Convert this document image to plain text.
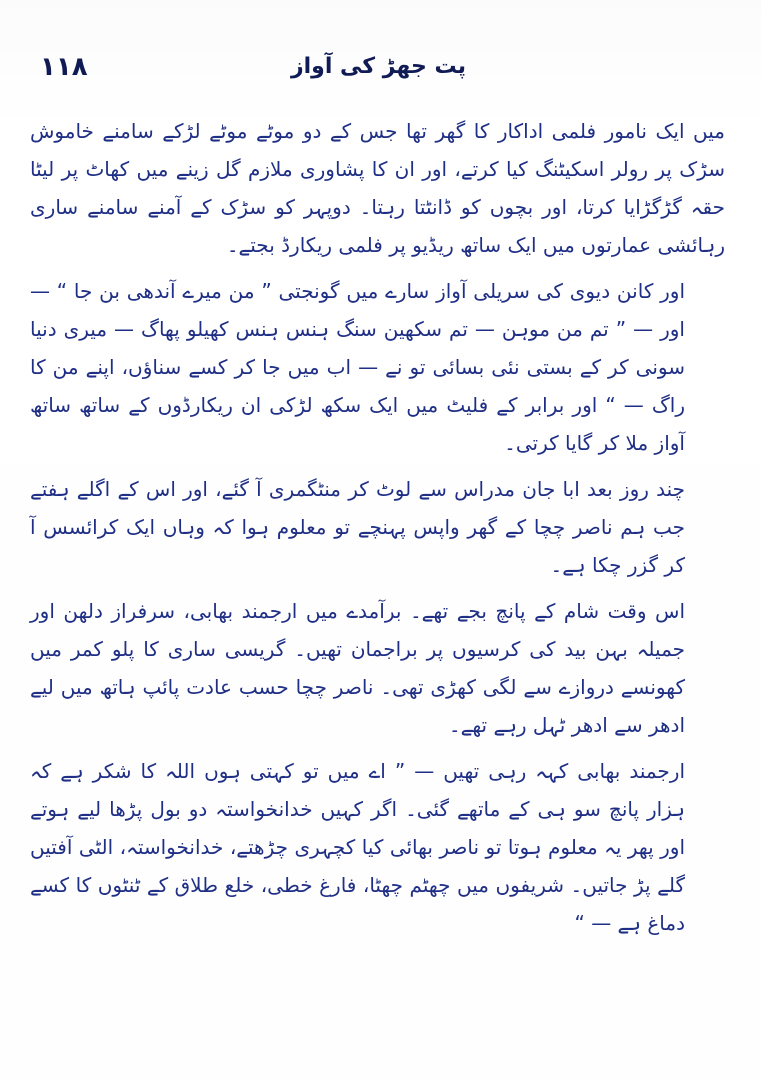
۱۱۸	پت جھڑ کی آواز

میں ایک نامور فلمی اداکار کا گھر تھا جس کے دو موٹے موٹے لڑکے سامنے خاموش سڑک پر رولر اسکیٹنگ کیا کرتے، اور ان کا پشاوری ملازم گل زینے میں کھاٹ پر لیٹا حقہ گڑگڑایا کرتا، اور بچوں کو ڈانٹتا رہتا۔ دوپہر کو سڑک کے آمنے سامنے ساری رہائشی عمارتوں میں ایک ساتھ ریڈیو پر فلمی ریکارڈ بجتے۔

اور کانن دیوی کی سریلی آواز سارے میں گونجتی ” من میرے آندھی بن جا “ — اور — ” تم من موہن — تم سکھین سنگ ہنس ہنس کھیلو پھاگ — میری دنیا سونی کر کے بستی نئی بسائی تو نے — اب میں جا کر کسے سناؤں، اپنے من کا راگ — “ اور برابر کے فلیٹ میں ایک سکھ لڑکی ان ریکارڈوں کے ساتھ ساتھ آواز ملا کر گایا کرتی۔

چند روز بعد ابا جان مدراس سے لوٹ کر منٹگمری آ گئے، اور اس کے اگلے ہفتے جب ہم ناصر چچا کے گھر واپس پہنچے تو معلوم ہوا کہ وہاں ایک کرائسس آ کر گزر چکا ہے۔

اس وقت شام کے پانچ بجے تھے۔ برآمدے میں ارجمند بھابی، سرفراز دلھن اور جمیلہ بہن بید کی کرسیوں پر براجمان تھیں۔ گریسی ساری کا پلو کمر میں کھونسے دروازے سے لگی کھڑی تھی۔ ناصر چچا حسب عادت پائپ ہاتھ میں لیے ادھر سے ادھر ٹہل رہے تھے۔

ارجمند بھابی کہہ رہی تھیں — ” اے میں تو کہتی ہوں اللہ کا شکر ہے کہ ہزار پانچ سو ہی کے ماتھے گئی۔ اگر کہیں خدانخواستہ دو بول پڑھا لیے ہوتے اور پھر یہ معلوم ہوتا تو ناصر بھائی کیا کچہری چڑھتے، خدانخواستہ، الٹی آفتیں گلے پڑ جاتیں۔ شریفوں میں چھٹم چھٹا، فارغ خطی، خلع طلاق کے ٹنٹوں کا کسے دماغ ہے — “
